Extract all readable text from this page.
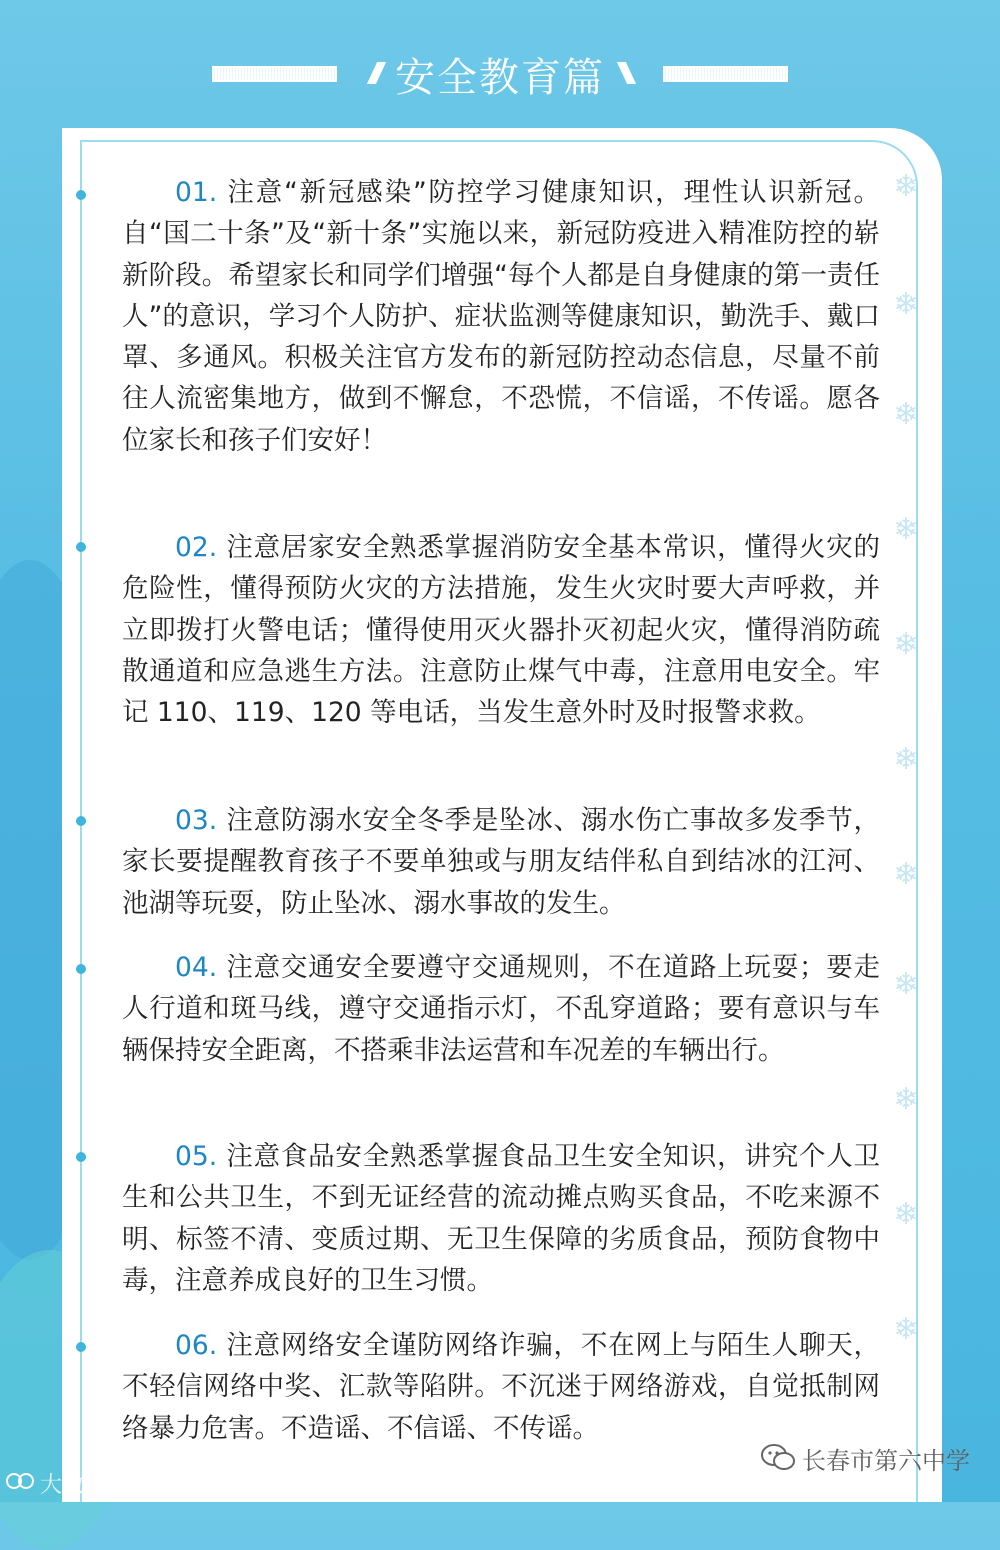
安全教育篇
❄
❄
❄
❄
❄
❄
❄
❄
❄
❄
❄

01. 注意“新冠感染”防控学习健康知识，理性认识新冠。自“国二十条”及“新十条”实施以来，新冠防疫进入精准防控的崭新阶段。希望家长和同学们增强“每个人都是自身健康的第一责任人”的意识，学习个人防护、症状监测等健康知识，勤洗手、戴口罩、多通风。积极关注官方发布的新冠防控动态信息，尽量不前往人流密集地方，做到不懈怠，不恐慌，不信谣，不传谣。愿各位家长和孩子们安好！

02. 注意居家安全熟悉掌握消防安全基本常识，懂得火灾的危险性，懂得预防火灾的方法措施，发生火灾时要大声呼救，并立即拨打火警电话；懂得使用灭火器扑灭初起火灾，懂得消防疏散通道和应急逃生方法。注意防止煤气中毒，注意用电安全。牢记 110、119、120 等电话，当发生意外时及时报警求救。

03. 注意防溺水安全冬季是坠冰、溺水伤亡事故多发季节，家长要提醒教育孩子不要单独或与朋友结伴私自到结冰的江河、池湖等玩耍，防止坠冰、溺水事故的发生。

04. 注意交通安全要遵守交通规则，不在道路上玩耍；要走人行道和斑马线，遵守交通指示灯，不乱穿道路；要有意识与车辆保持安全距离，不搭乘非法运营和车况差的车辆出行。

05. 注意食品安全熟悉掌握食品卫生安全知识，讲究个人卫生和公共卫生，不到无证经营的流动摊点购买食品，不吃来源不明、标签不清、变质过期、无卫生保障的劣质食品，预防食物中毒，注意养成良好的卫生习惯。

06. 注意网络安全谨防网络诈骗，不在网上与陌生人聊天，不轻信网络中奖、汇款等陷阱。不沉迷于网络游戏，自觉抵制网络暴力危害。不造谣、不信谣、不传谣。

大数跨境
长春市第六中学
